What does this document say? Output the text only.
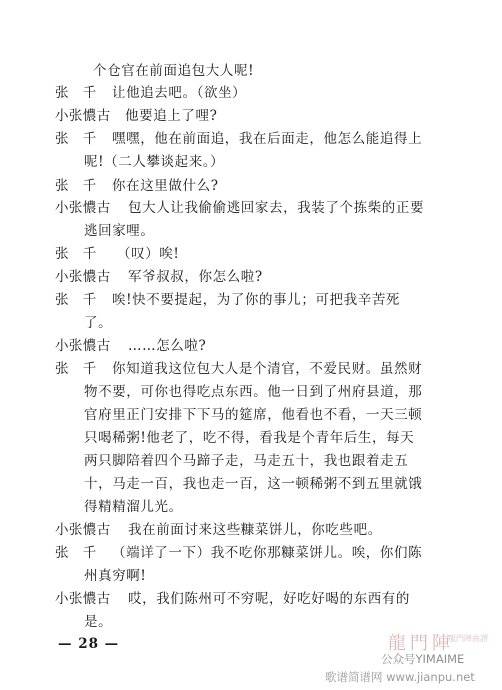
个仓官在前面追包大人呢!
张　千 让他追去吧。（欲坐）
小张憹古 他要追上了哩?
张　千 嘿嘿，他在前面追，我在后面走，他怎么能追得上
呢!（二人攀谈起来。）
张　千 你在这里做什么?
小张憹古 包大人让我偷偷逃回家去，我装了个拣柴的正要
逃回家哩。
张　千 （叹）唉!
小张憹古 军爷叔叔，你怎么啦?
张　千 唉!快不要提起，为了你的事儿；可把我辛苦死
了。
小张憹古 ……怎么啦?
张　千 你知道我这位包大人是个清官，不爱民财。虽然财
物不要，可你也得吃点东西。他一日到了州府县道，那
官府里正门安排下下马的筵席，他看也不看，一天三顿
只喝稀粥!他老了，吃不得，看我是个青年后生，每天
两只脚陪着四个马蹄子走，马走五十，我也跟着走五
十，马走一百，我也走一百，这一顿稀粥不到五里就饿
得精精溜儿光。
小张憹古 我在前面讨来这些糠菜饼儿，你吃些吧。
张　千 （端详了一下）我不吃你那糠菜饼儿。唉，你们陈
州真穷啊!
小张憹古 哎，我们陈州可不穷呢，好吃好喝的东西有的
是。
— 28 —	龍門陣
龍門陣曲譜
公众号YIMAIME
歌谱简谱网 www.jianpu.net
